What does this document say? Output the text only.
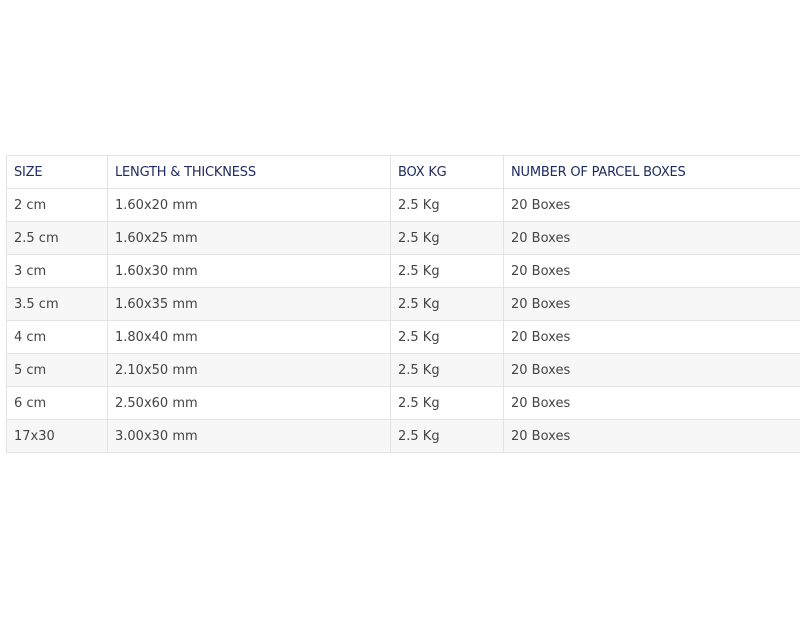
SIZE	LENGTH & THICKNESS	BOX KG	NUMBER OF PARCEL BOXES
2 cm	1.60x20 mm	2.5 Kg	20 Boxes
2.5 cm	1.60x25 mm	2.5 Kg	20 Boxes
3 cm	1.60x30 mm	2.5 Kg	20 Boxes
3.5 cm	1.60x35 mm	2.5 Kg	20 Boxes
4 cm	1.80x40 mm	2.5 Kg	20 Boxes
5 cm	2.10x50 mm	2.5 Kg	20 Boxes
6 cm	2.50x60 mm	2.5 Kg	20 Boxes
17x30	3.00x30 mm	2.5 Kg	20 Boxes
